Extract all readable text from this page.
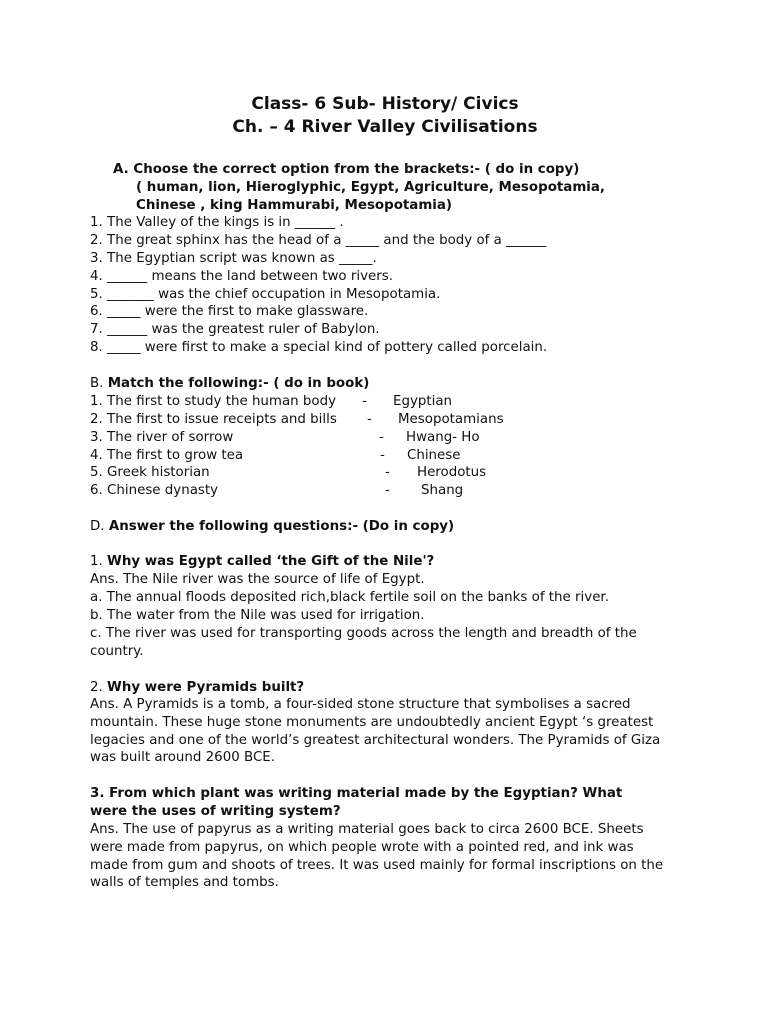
Class- 6 Sub- History/ Civics
Ch. – 4 River Valley Civilisations
A. Choose the correct option from the brackets:- ( do in copy)
( human, lion, Hieroglyphic, Egypt, Agriculture, Mesopotamia,
Chinese , king Hammurabi, Mesopotamia)
1. The Valley of the kings is in ______ .
2. The great sphinx has the head of a _____ and the body of a ______
3. The Egyptian script was known as _____.
4. ______ means the land between two rivers.
5. _______ was the chief occupation in Mesopotamia.
6. _____ were the first to make glassware.
7. ______ was the greatest ruler of Babylon.
8. _____ were first to make a special kind of pottery called porcelain.
B. Match the following:- ( do in book)
1. The first to study the human body - Egyptian
2. The first to issue receipts and bills - Mesopotamians
3. The river of sorrow	- Hwang- Ho
4. The first to grow tea	- Chinese
5. Greek historian	- Herodotus
6. Chinese dynasty	- Shang
D. Answer the following questions:- (Do in copy)
1. Why was Egypt called ‘the Gift of the Nile'?
Ans. The Nile river was the source of life of Egypt.
a. The annual floods deposited rich,black fertile soil on the banks of the river.
b. The water from the Nile was used for irrigation.
c. The river was used for transporting goods across the length and breadth of the country.
2. Why were Pyramids built?
Ans. A Pyramids is a tomb, a four-sided stone structure that symbolises a sacred mountain. These huge stone monuments are undoubtedly ancient Egypt ‘s greatest legacies and one of the world’s greatest architectural wonders. The Pyramids of Giza was built around 2600 BCE.
3. From which plant was writing material made by the Egyptian? What were the uses of writing system?
Ans. The use of papyrus as a writing material goes back to circa 2600 BCE. Sheets were made from papyrus, on which people wrote with a pointed red, and ink was made from gum and shoots of trees. It was used mainly for formal inscriptions on the walls of temples and tombs.
